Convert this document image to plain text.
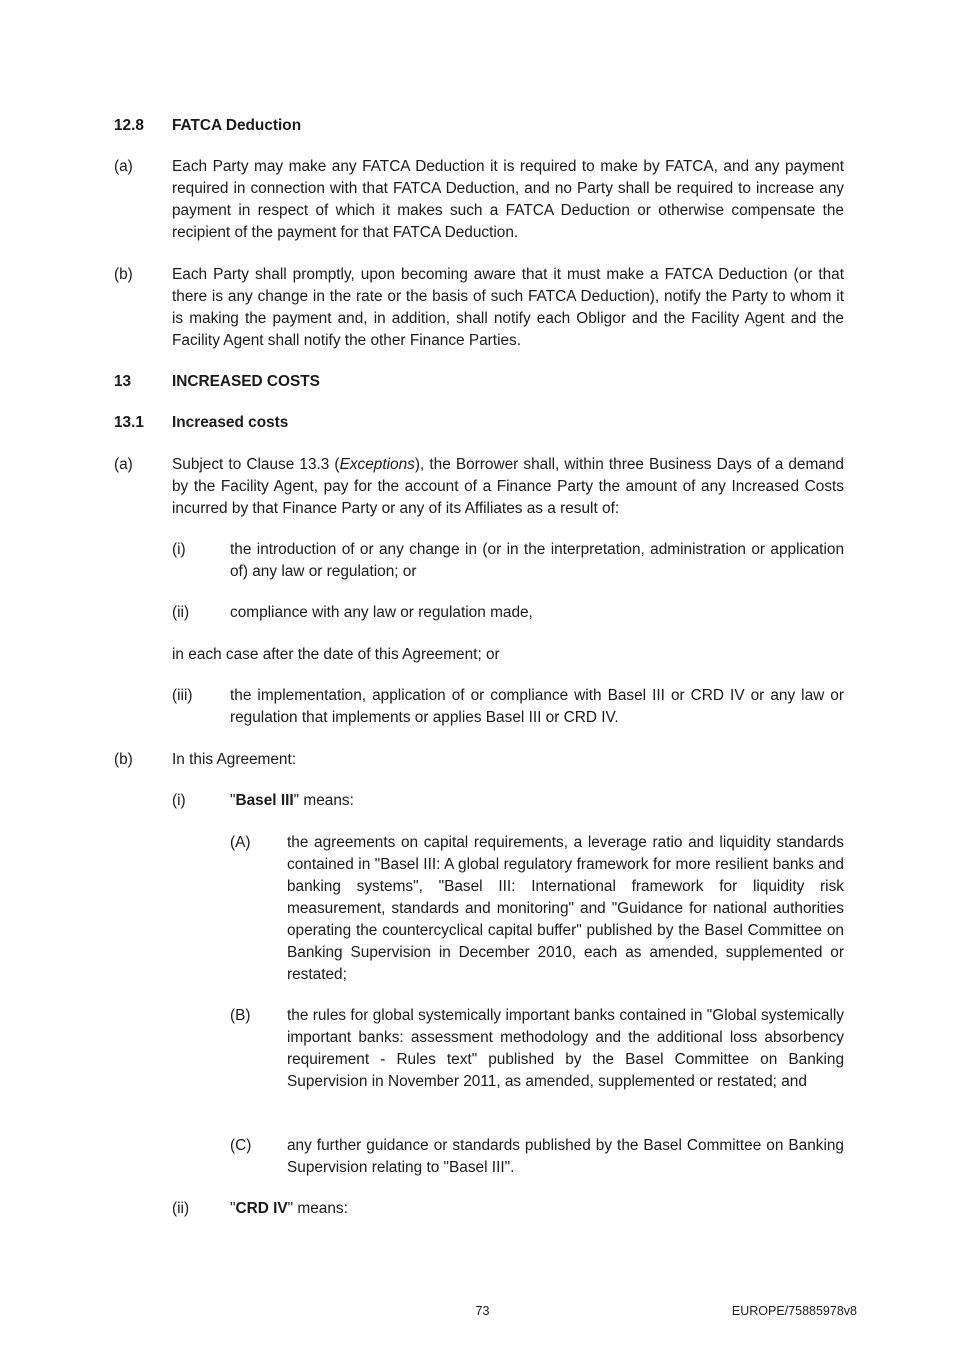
12.8 FATCA Deduction
(a)	Each Party may make any FATCA Deduction it is required to make by FATCA, and any payment required in connection with that FATCA Deduction, and no Party shall be required to increase any payment in respect of which it makes such a FATCA Deduction or otherwise compensate the recipient of the payment for that FATCA Deduction.
(b)	Each Party shall promptly, upon becoming aware that it must make a FATCA Deduction (or that there is any change in the rate or the basis of such FATCA Deduction), notify the Party to whom it is making the payment and, in addition, shall notify each Obligor and the Facility Agent and the Facility Agent shall notify the other Finance Parties.
13	INCREASED COSTS
13.1 Increased costs
(a)	Subject to Clause 13.3 (Exceptions), the Borrower shall, within three Business Days of a demand by the Facility Agent, pay for the account of a Finance Party the amount of any Increased Costs incurred by that Finance Party or any of its Affiliates as a result of:
(i)	the introduction of or any change in (or in the interpretation, administration or application of) any law or regulation; or
(ii)	compliance with any law or regulation made,
in each case after the date of this Agreement; or
(iii) the implementation, application of or compliance with Basel III or CRD IV or any law or regulation that implements or applies Basel III or CRD IV.
(b)	In this Agreement:
(i)	"Basel III" means:
(A) the agreements on capital requirements, a leverage ratio and liquidity standards contained in "Basel III: A global regulatory framework for more resilient banks and banking systems", "Basel III: International framework for liquidity risk measurement, standards and monitoring" and "Guidance for national authorities operating the countercyclical capital buffer" published by the Basel Committee on Banking Supervision in December 2010, each as amended, supplemented or restated;
(B) the rules for global systemically important banks contained in "Global systemically important banks: assessment methodology and the additional loss absorbency requirement - Rules text" published by the Basel Committee on Banking Supervision in November 2011, as amended, supplemented or restated; and
(C) any further guidance or standards published by the Basel Committee on Banking Supervision relating to "Basel III".
(ii)	"CRD IV" means:
73	EUROPE/75885978v8
